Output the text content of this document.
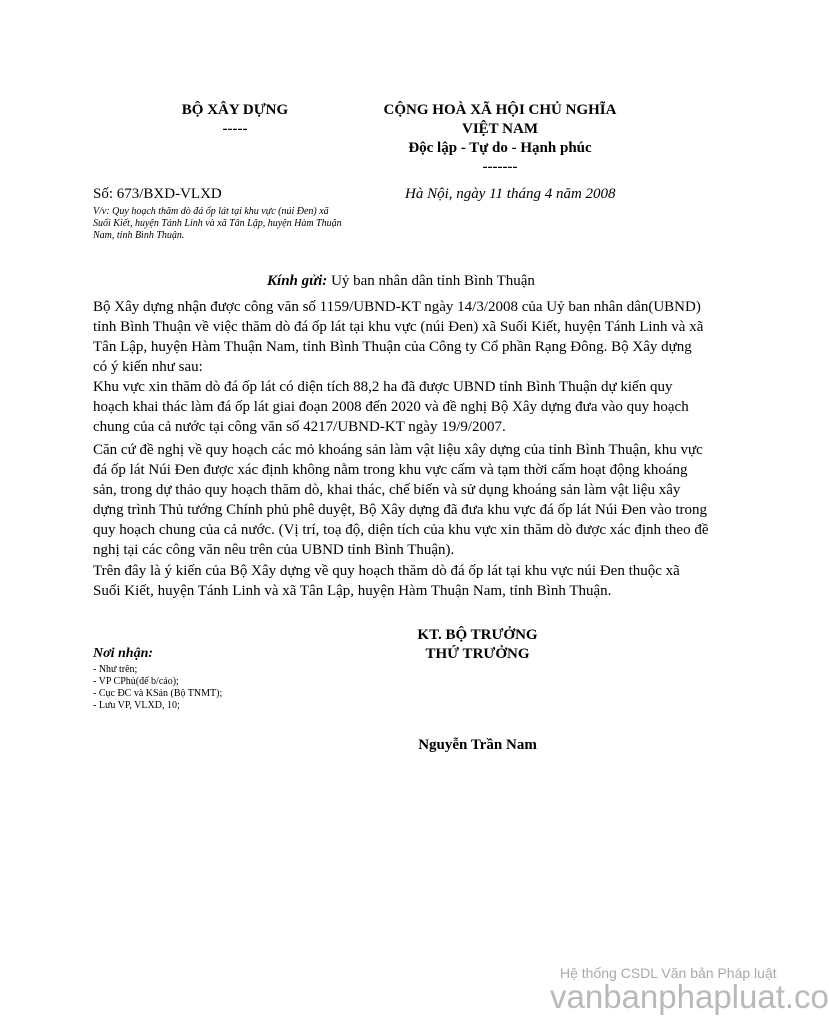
BỘ XÂY DỰNG
-----
CỘNG HOÀ XÃ HỘI CHỦ NGHĨA
VIỆT NAM
Độc lập - Tự do - Hạnh phúc
-------
Số: 673/BXD-VLXD	Hà Nội, ngày 11 tháng 4 năm 2008
V/v: Quy hoạch thăm dò đá ốp lát tại khu vực (núi Đen) xã Suối Kiết, huyện Tánh Linh và xã Tân Lập, huyện Hàm Thuận Nam, tỉnh Bình Thuận.
Kính gửi: Uỷ ban nhân dân tỉnh Bình Thuận

Bộ Xây dựng nhận được công văn số 1159/UBND-KT ngày 14/3/2008 của Uỷ ban nhân dân(UBND) tỉnh Bình Thuận về việc thăm dò đá ốp lát tại khu vực (núi Đen) xã Suối Kiết, huyện Tánh Linh và xã Tân Lập, huyện Hàm Thuận Nam, tỉnh Bình Thuận của Công ty Cổ phần Rạng Đông. Bộ Xây dựng có ý kiến như sau:

Khu vực xin thăm dò đá ốp lát có diện tích 88,2 ha đã được UBND tỉnh Bình Thuận dự kiến quy hoạch khai thác làm đá ốp lát giai đoạn 2008 đến 2020 và đề nghị Bộ Xây dựng đưa vào quy hoạch chung của cả nước tại công văn số 4217/UBND-KT ngày 19/9/2007.

Căn cứ đề nghị về quy hoạch các mỏ khoáng sản làm vật liệu xây dựng của tỉnh Bình Thuận, khu vực đá ốp lát Núi Đen được xác định không nằm trong khu vực cấm và tạm thời cấm hoạt động khoáng sản, trong dự thảo quy hoạch thăm dò, khai thác, chế biến và sử dụng khoáng sản làm vật liệu xây dựng trình Thủ tướng Chính phủ phê duyệt, Bộ Xây dựng đã đưa khu vực đá ốp lát Núi Đen vào trong quy hoạch chung của cả nước. (Vị trí, toạ độ, diện tích của khu vực xin thăm dò được xác định theo đề nghị tại các công văn nêu trên của UBND tỉnh Bình Thuận).

Trên đây là ý kiến của Bộ Xây dựng về quy hoạch thăm dò đá ốp lát tại khu vực núi Đen thuộc xã Suối Kiết, huyện Tánh Linh và xã Tân Lập, huyện Hàm Thuận Nam, tỉnh Bình Thuận.

KT. BỘ TRƯỞNG
THỨ TRƯỞNG
Nguyễn Trần Nam
Nơi nhận:
- Như trên;
- VP CPhủ(để b/cáo);
- Cục ĐC và KSản (Bộ TNMT);
- Lưu VP, VLXD, 10;
Hệ thống CSDL Văn bản Pháp luật
vanbanphapluat.co
